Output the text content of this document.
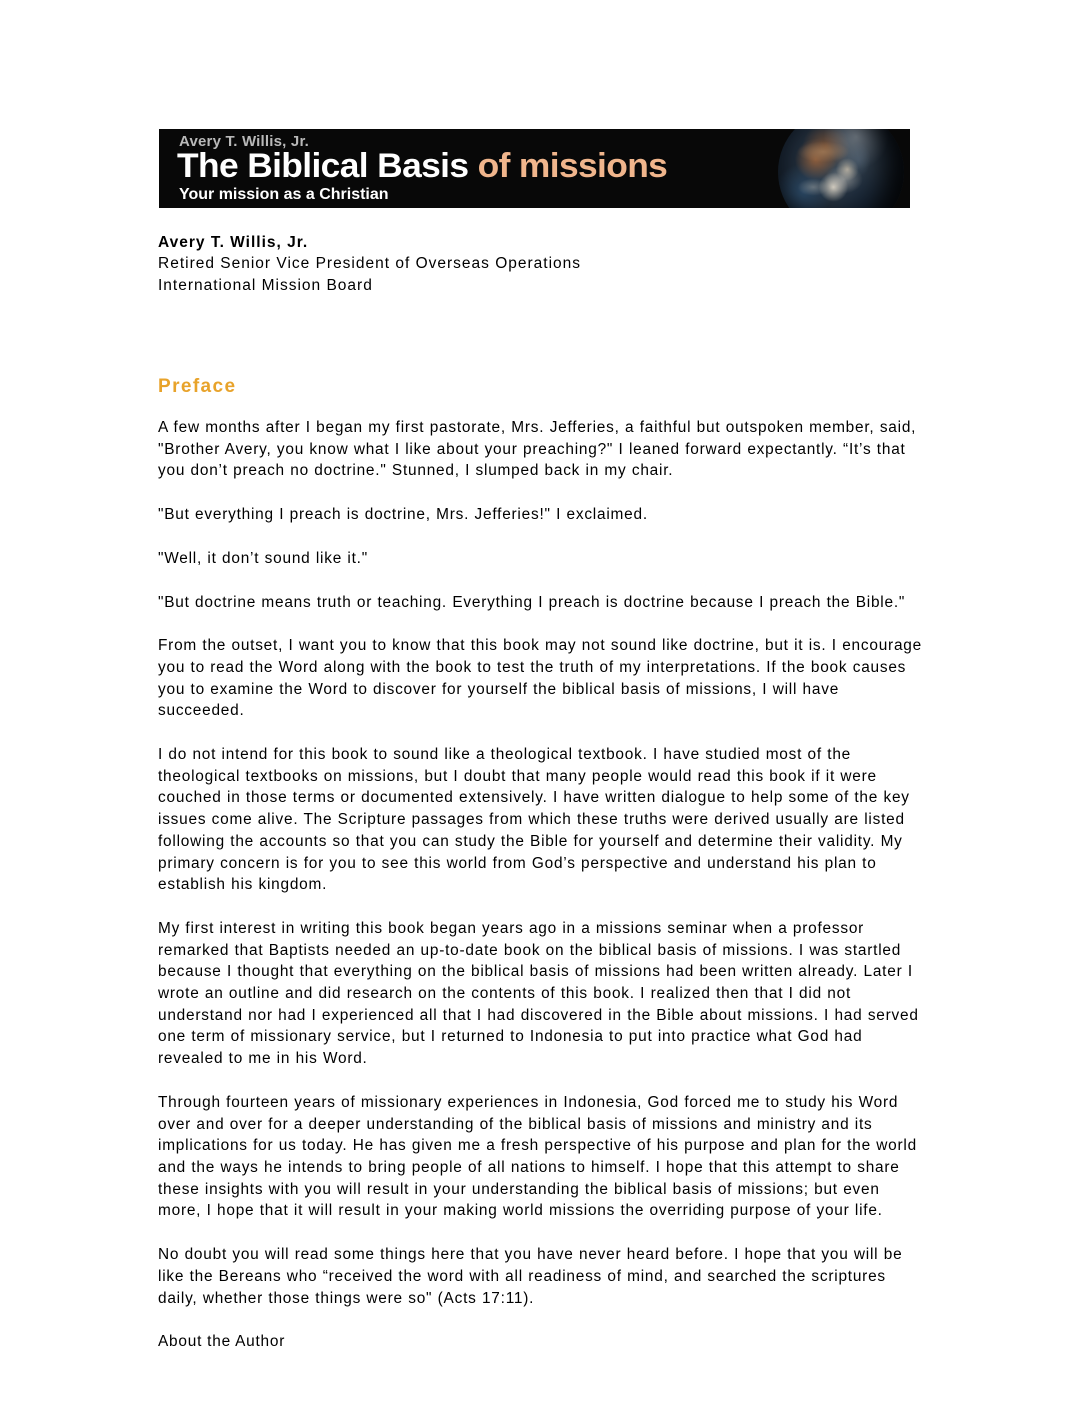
Avery T. Willis, Jr.
The Biblical Basis of missions
Your mission as a Christian
Avery T. Willis, Jr.
Retired Senior Vice President of Overseas Operations
International Mission Board
Preface

A few months after I began my first pastorate, Mrs. Jefferies, a faithful but outspoken member, said, "Brother Avery, you know what I like about your preaching?" I leaned forward expectantly. “It’s that you don’t preach no doctrine." Stunned, I slumped back in my chair.

"But everything I preach is doctrine, Mrs. Jefferies!" I exclaimed.

"Well, it don’t sound like it."

"But doctrine means truth or teaching. Everything I preach is doctrine because I preach the Bible."

From the outset, I want you to know that this book may not sound like doctrine, but it is. I encourage you to read the Word along with the book to test the truth of my interpretations. If the book causes you to examine the Word to discover for yourself the biblical basis of missions, I will have succeeded.

I do not intend for this book to sound like a theological textbook. I have studied most of the theological textbooks on missions, but I doubt that many people would read this book if it were couched in those terms or documented extensively. I have written dialogue to help some of the key issues come alive. The Scripture passages from which these truths were derived usually are listed following the accounts so that you can study the Bible for yourself and determine their validity. My primary concern is for you to see this world from God’s perspective and understand his plan to establish his kingdom.

My first interest in writing this book began years ago in a missions seminar when a professor remarked that Baptists needed an up-to-date book on the biblical basis of missions. I was startled because I thought that everything on the biblical basis of missions had been written already. Later I wrote an outline and did research on the contents of this book. I realized then that I did not understand nor had I experienced all that I had discovered in the Bible about missions. I had served one term of missionary service, but I returned to Indonesia to put into practice what God had revealed to me in his Word.

Through fourteen years of missionary experiences in Indonesia, God forced me to study his Word over and over for a deeper understanding of the biblical basis of missions and ministry and its implications for us today. He has given me a fresh perspective of his purpose and plan for the world and the ways he intends to bring people of all nations to himself. I hope that this attempt to share these insights with you will result in your understanding the biblical basis of missions; but even more, I hope that it will result in your making world missions the overriding purpose of your life.

No doubt you will read some things here that you have never heard before. I hope that you will be like the Bereans who “received the word with all readiness of mind, and searched the scriptures daily, whether those things were so" (Acts 17:11).

About the Author
